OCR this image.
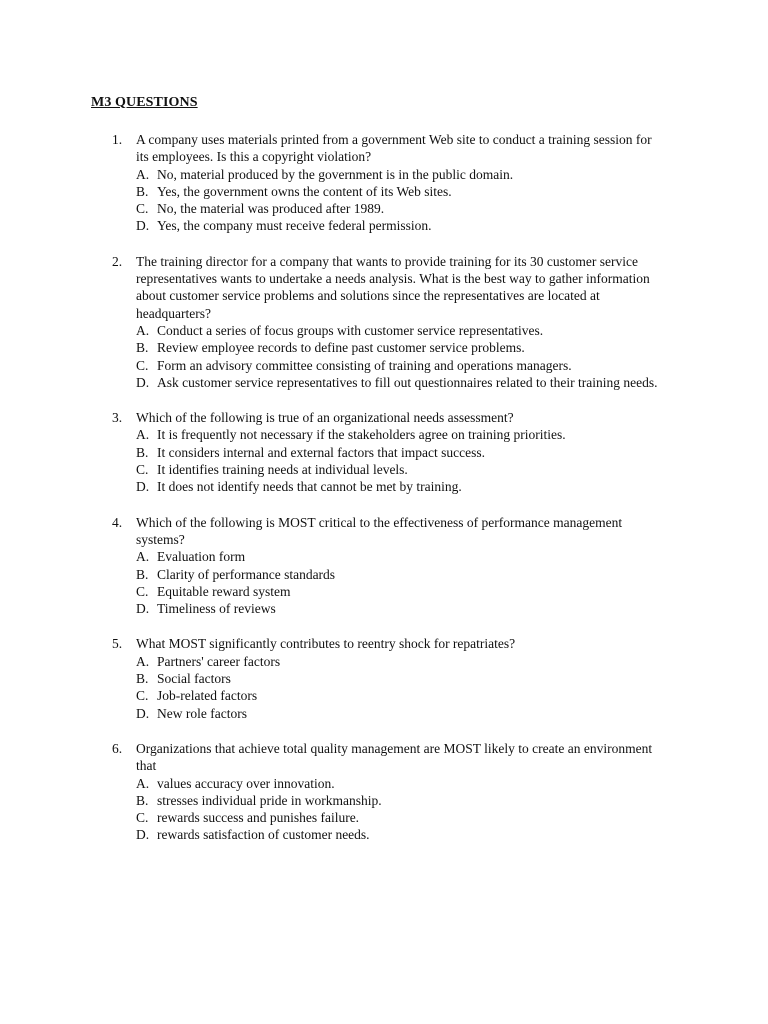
M3 QUESTIONS
1. A company uses materials printed from a government Web site to conduct a training session for
its employees. Is this a copyright violation?
A. No, material produced by the government is in the public domain.
B. Yes, the government owns the content of its Web sites.
C. No, the material was produced after 1989.
D. Yes, the company must receive federal permission.
2. The training director for a company that wants to provide training for its 30 customer service
representatives wants to undertake a needs analysis. What is the best way to gather information
about customer service problems and solutions since the representatives are located at
headquarters?
A. Conduct a series of focus groups with customer service representatives.
B. Review employee records to define past customer service problems.
C. Form an advisory committee consisting of training and operations managers.
D. Ask customer service representatives to fill out questionnaires related to their training needs.
3. Which of the following is true of an organizational needs assessment?
A. It is frequently not necessary if the stakeholders agree on training priorities.
B. It considers internal and external factors that impact success.
C. It identifies training needs at individual levels.
D. It does not identify needs that cannot be met by training.
4. Which of the following is MOST critical to the effectiveness of performance management
systems?
A. Evaluation form
B. Clarity of performance standards
C. Equitable reward system
D. Timeliness of reviews
5. What MOST significantly contributes to reentry shock for repatriates?
A. Partners' career factors
B. Social factors
C. Job-related factors
D. New role factors
6. Organizations that achieve total quality management are MOST likely to create an environment
that
A. values accuracy over innovation.
B. stresses individual pride in workmanship.
C. rewards success and punishes failure.
D. rewards satisfaction of customer needs.
